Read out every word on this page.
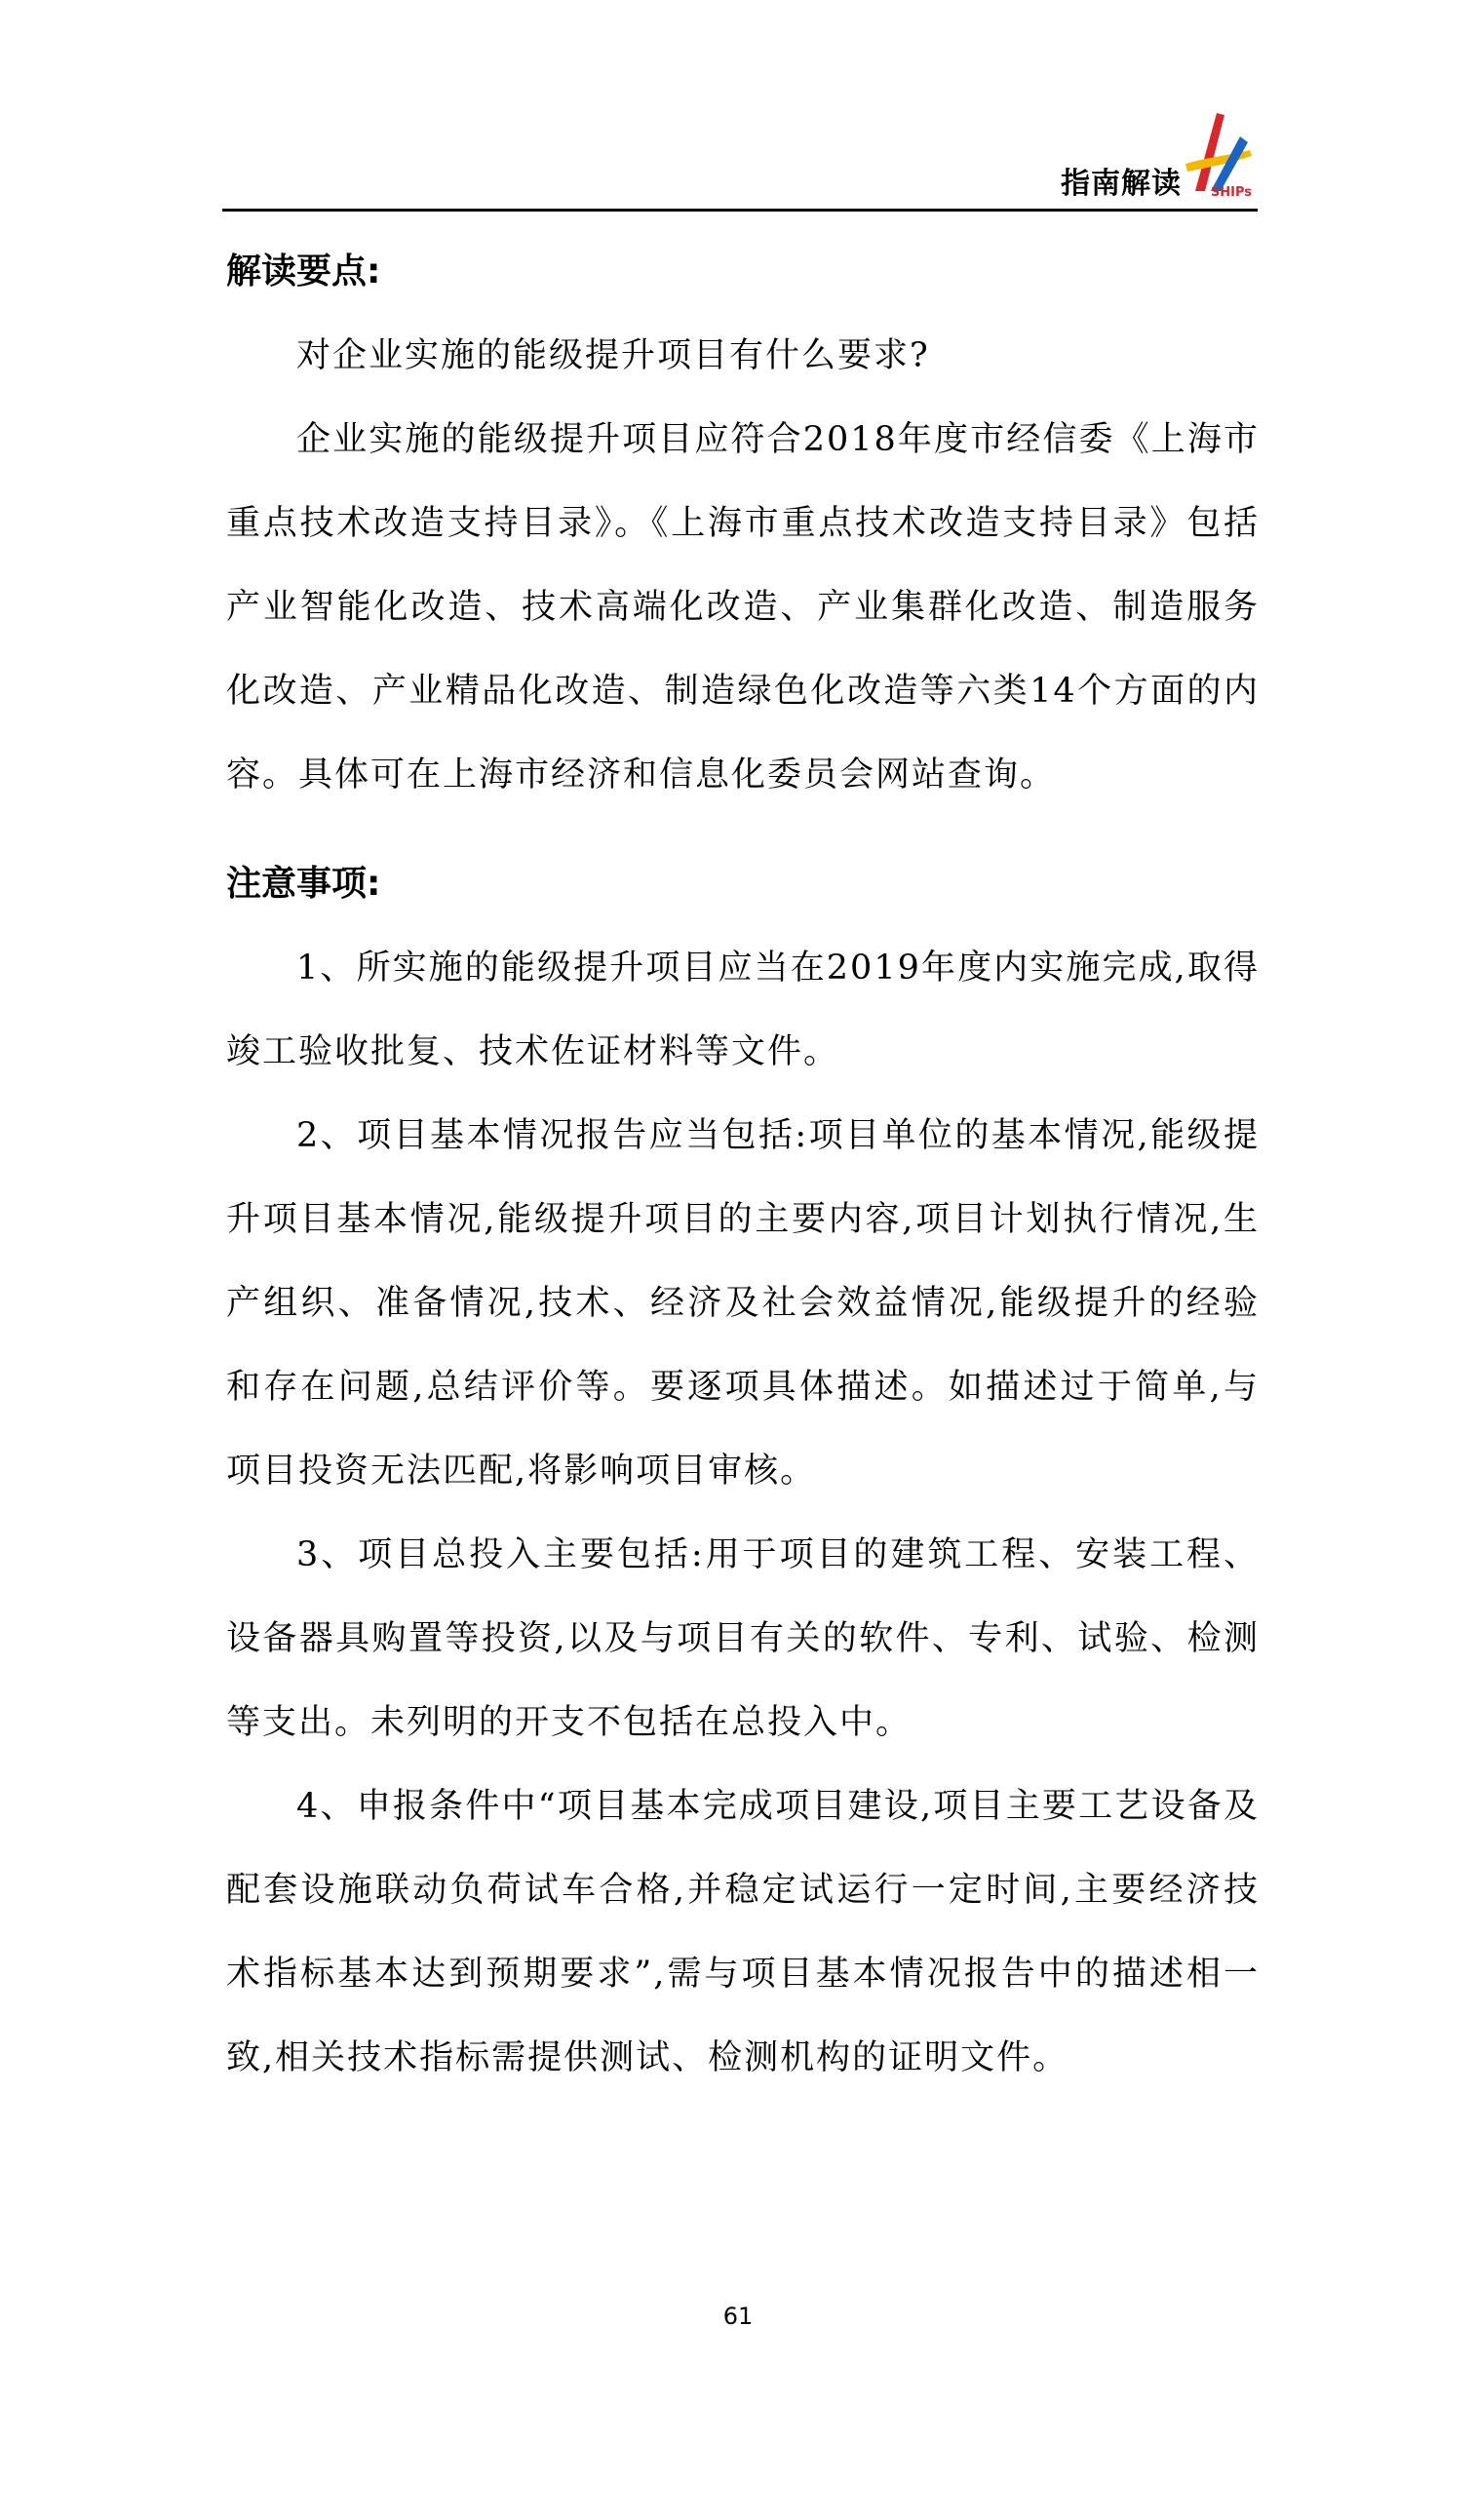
指南解读 SHIPs

解读要点:

对企业实施的能级提升项目有什么要求?

企业实施的能级提升项目应符合2018年度市经信委《上海市重点技术改造支持目录》。《上海市重点技术改造支持目录》包括产业智能化改造、技术高端化改造、产业集群化改造、制造服务化改造、产业精品化改造、制造绿色化改造等六类14个方面的内容。具体可在上海市经济和信息化委员会网站查询。

注意事项:

1、所实施的能级提升项目应当在2019年度内实施完成,取得竣工验收批复、技术佐证材料等文件。

2、项目基本情况报告应当包括:项目单位的基本情况,能级提升项目基本情况,能级提升项目的主要内容,项目计划执行情况,生产组织、准备情况,技术、经济及社会效益情况,能级提升的经验和存在问题,总结评价等。要逐项具体描述。如描述过于简单,与项目投资无法匹配,将影响项目审核。

3、项目总投入主要包括:用于项目的建筑工程、安装工程、设备器具购置等投资,以及与项目有关的软件、专利、试验、检测等支出。未列明的开支不包括在总投入中。

4、申报条件中“项目基本完成项目建设,项目主要工艺设备及配套设施联动负荷试车合格,并稳定试运行一定时间,主要经济技术指标基本达到预期要求”,需与项目基本情况报告中的描述相一致,相关技术指标需提供测试、检测机构的证明文件。

61
